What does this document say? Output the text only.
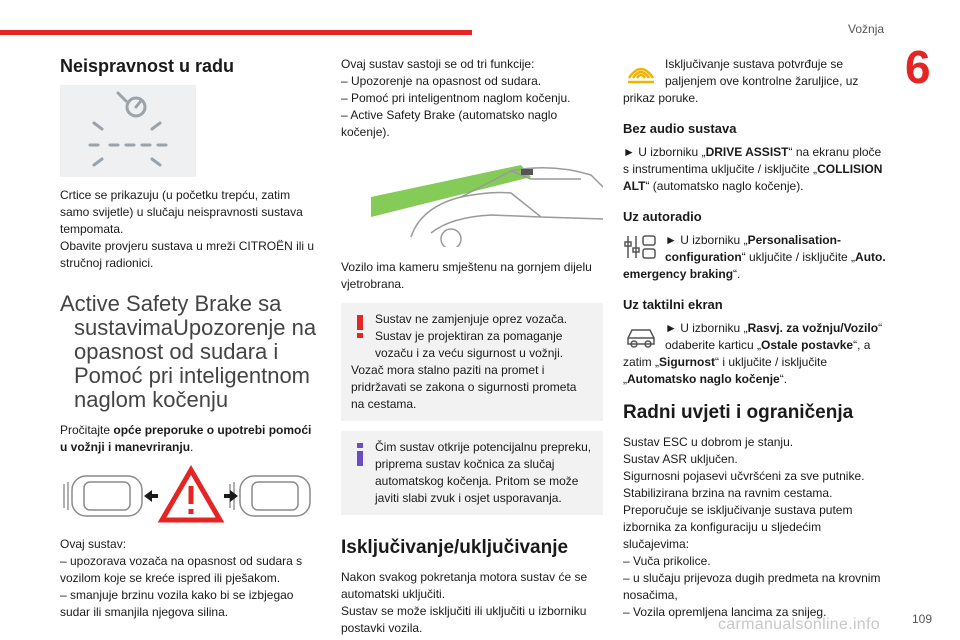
Vožnja
6
Neispravnost u radu

Crtice se prikazuju (u početku trepću, zatim samo svijetle) u slučaju neispravnosti sustava tempomata.

Obavite provjeru sustava u mreži CITROËN ili u stručnoj radionici.

Active Safety Brake sa sustavimaUpozorenje na opasnost od sudara i Pomoć pri inteligentnom naglom kočenju

Pročitajte opće preporuke o upotrebi pomoći u vožnji i manevriranju.

Ovaj sustav:

– upozorava vozača na opasnost od sudara s vozilom koje se kreće ispred ili pješakom.

– smanjuje brzinu vozila kako bi se izbjegao sudar ili smanjila njegova silina.

Ovaj sustav sastoji se od tri funkcije:

– Upozorenje na opasnost od sudara.

– Pomoć pri inteligentnom naglom kočenju.

– Active Safety Brake (automatsko naglo kočenje).

Vozilo ima kameru smještenu na gornjem dijelu vjetrobrana.

Sustav ne zamjenjuje oprez vozača.

Sustav je projektiran za pomaganje vozaču i za veću sigurnost u vožnji.

Vozač mora stalno paziti na promet i pridržavati se zakona o sigurnosti prometa na cestama.

Čim sustav otkrije potencijalnu prepreku, priprema sustav kočnica za slučaj automatskog kočenja. Pritom se može javiti slabi zvuk i osjet usporavanja.

Isključivanje/uključivanje

Nakon svakog pokretanja motora sustav će se automatski uključiti.

Sustav se može isključiti ili uključiti u izborniku postavki vozila.

Isključivanje sustava potvrđuje se paljenjem ove kontrolne žaruljice, uz prikaz poruke.

Bez audio sustava

► U izborniku „DRIVE ASSIST“ na ekranu ploče s instrumentima uključite / isključite „COLLISION ALT“ (automatsko naglo kočenje).

Uz autoradio

► U izborniku „Personalisation-configuration“ uključite / isključite „Auto. emergency braking“.

Uz taktilni ekran

► U izborniku „Rasvj. za vožnju/Vozilo“ odaberite karticu „Ostale postavke“, a zatim „Sigurnost“ i uključite / isključite „Automatsko naglo kočenje“.

Radni uvjeti i ograničenja

Sustav ESC u dobrom je stanju.

Sustav ASR uključen.

Sigurnosni pojasevi učvršćeni za sve putnike.

Stabilizirana brzina na ravnim cestama.

Preporučuje se isključivanje sustava putem izbornika za konfiguraciju u sljedećim slučajevima:

– Vuča prikolice.

– u slučaju prijevoza dugih predmeta na krovnim nosačima,

– Vozila opremljena lancima za snijeg.

carmanualsonline.info	109
